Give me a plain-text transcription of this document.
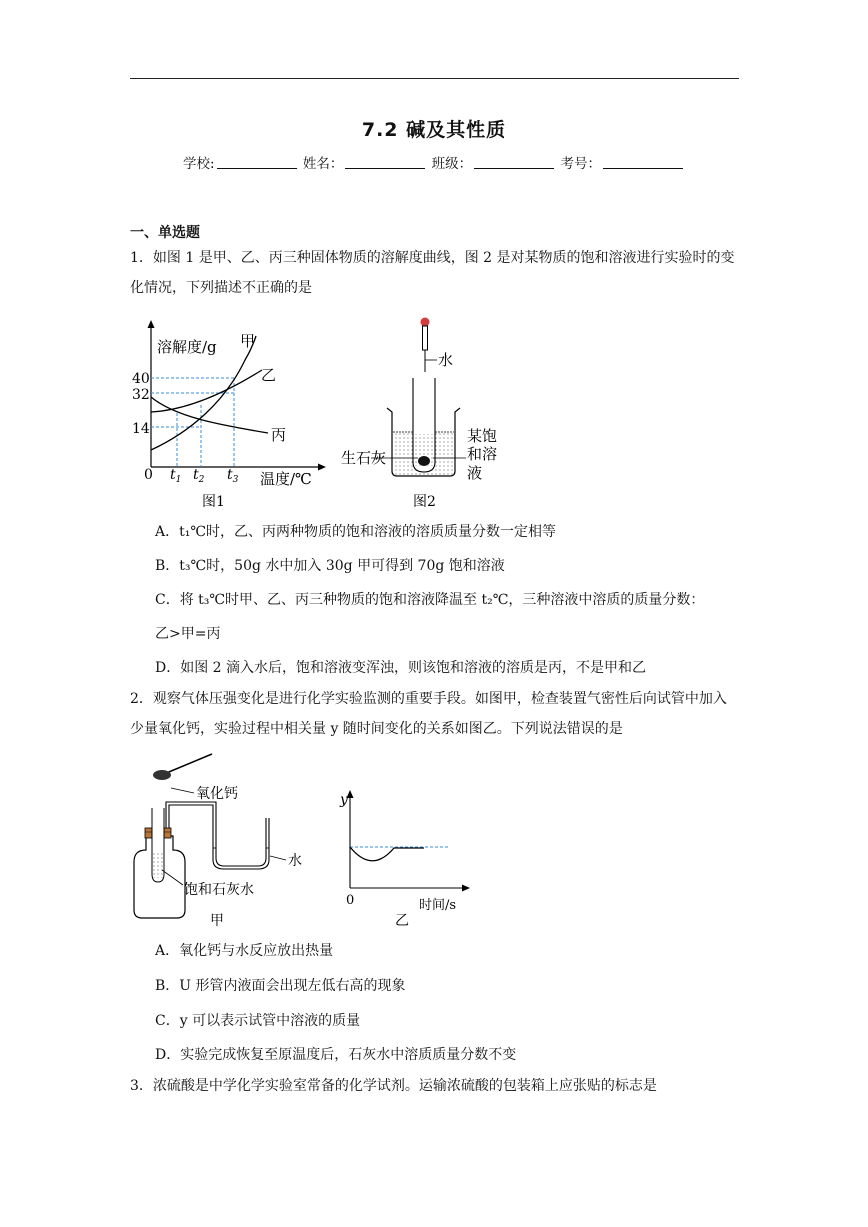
7.2 碱及其性质
学校:	姓名：	班级：	考号：
一、单选题
1．如图 1 是甲、乙、丙三种固体物质的溶解度曲线，图 2 是对某物质的饱和溶液进行实验时的变化情况，下列描述不正确的是
溶解度/g
温度/℃
0
40
32
14
$t_1$ $t_2$ $t_3$
甲
乙
丙
图1
水
生石灰
某饱
和溶
液
图2
A．t₁℃时，乙、丙两种物质的饱和溶液的溶质质量分数一定相等
B．t₃℃时，50g 水中加入 30g 甲可得到 70g 饱和溶液
C．将 t₃℃时甲、乙、丙三种物质的饱和溶液降温至 t₂℃，三种溶液中溶质的质量分数：
乙>甲=丙
D．如图 2 滴入水后，饱和溶液变浑浊，则该饱和溶液的溶质是丙，不是甲和乙
2．观察气体压强变化是进行化学实验监测的重要手段。如图甲，检查装置气密性后向试管中加入少量氧化钙，实验过程中相关量 y 随时间变化的关系如图乙。下列说法错误的是
氧化钙
饱和石灰水
水
甲
y
0	时间/s
乙
A．氧化钙与水反应放出热量
B．U 形管内液面会出现左低右高的现象
C．y 可以表示试管中溶液的质量
D．实验完成恢复至原温度后，石灰水中溶质质量分数不变
3．浓硫酸是中学化学实验室常备的化学试剂。运输浓硫酸的包装箱上应张贴的标志是
